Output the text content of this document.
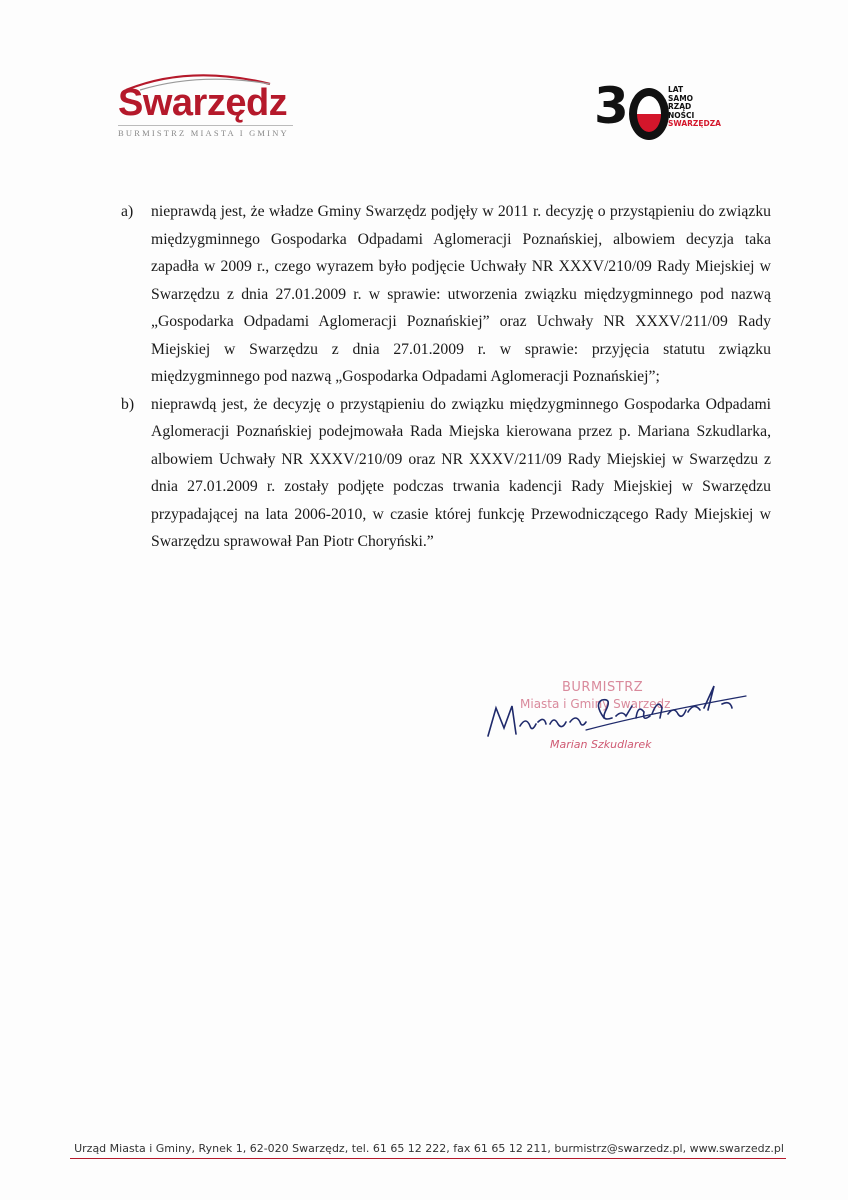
Swarzędz
BURMISTRZ MIASTA I GMINY	3	LAT
SAMO
RZĄD
NOŚCI
SWARZĘDZA
a) nieprawdą jest, że władze Gminy Swarzędz podjęły w 2011 r. decyzję o przystąpieniu do związku międzygminnego Gospodarka Odpadami Aglomeracji Poznańskiej, albowiem decyzja taka zapadła w 2009 r., czego wyrazem było podjęcie Uchwały NR XXXV/210/09 Rady Miejskiej w Swarzędzu z dnia 27.01.2009 r. w sprawie: utworzenia związku międzygminnego pod nazwą „Gospodarka Odpadami Aglomeracji Poznańskiej” oraz Uchwały NR XXXV/211/09 Rady Miejskiej w Swarzędzu z dnia 27.01.2009 r. w sprawie: przyjęcia statutu związku międzygminnego pod nazwą „Gospodarka Odpadami Aglomeracji Poznańskiej”;
b) nieprawdą jest, że decyzję o przystąpieniu do związku międzygminnego Gospodarka Odpadami Aglomeracji Poznańskiej podejmowała Rada Miejska kierowana przez p. Mariana Szkudlarka, albowiem Uchwały NR XXXV/210/09 oraz NR XXXV/211/09 Rady Miejskiej w Swarzędzu z dnia 27.01.2009 r. zostały podjęte podczas trwania kadencji Rady Miejskiej w Swarzędzu przypadającej na lata 2006-2010, w czasie której funkcję Przewodniczącego Rady Miejskiej w Swarzędzu sprawował Pan Piotr Choryński.”
BURMISTRZ
Miasta i Gminy Swarzędz
Marian Szkudlarek
Urząd Miasta i Gminy, Rynek 1, 62-020 Swarzędz, tel. 61 65 12 222, fax 61 65 12 211, burmistrz@swarzedz.pl, www.swarzedz.pl
